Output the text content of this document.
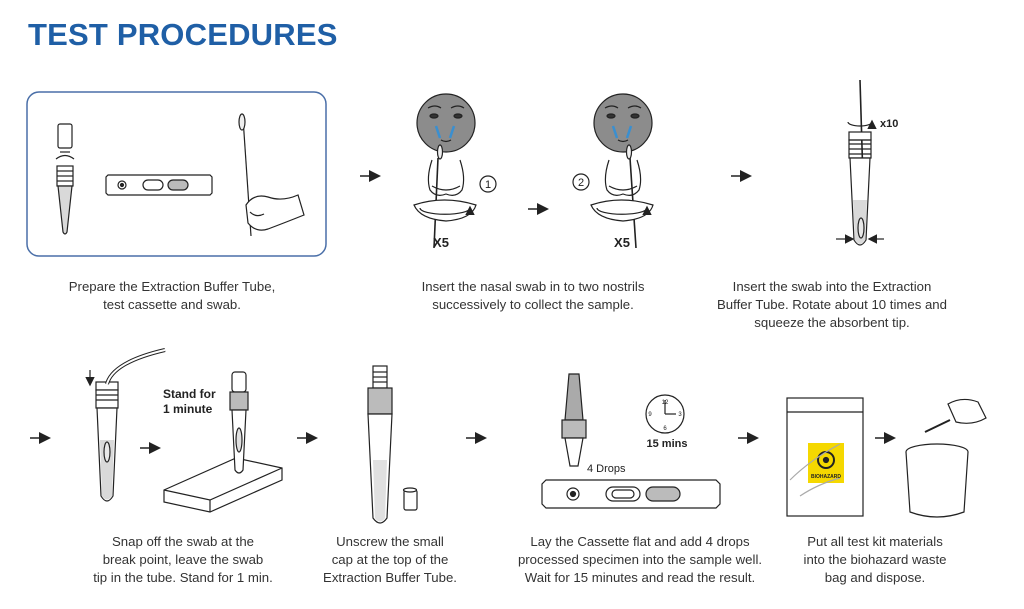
TEST PROCEDURES
1
X5
2
X5
x10
Stand for
1 minute
4 Drops
12
3
6
9
15 mins
BIOHAZARD
Prepare the Extraction Buffer Tube,
test cassette and swab.
Insert the nasal swab in to two nostrils
successively to collect the sample.
Insert the swab into the Extraction
Buffer Tube. Rotate about 10 times and
squeeze the absorbent tip.
Snap off the swab at the
break point, leave the swab
tip in the tube. Stand for 1 min.
Unscrew the small
cap at the top of the
Extraction Buffer Tube.
Lay the Cassette flat and add 4 drops
processed specimen into the sample well.
Wait for 15 minutes and read the result.
Put all test kit materials
into the biohazard waste
bag and dispose.
